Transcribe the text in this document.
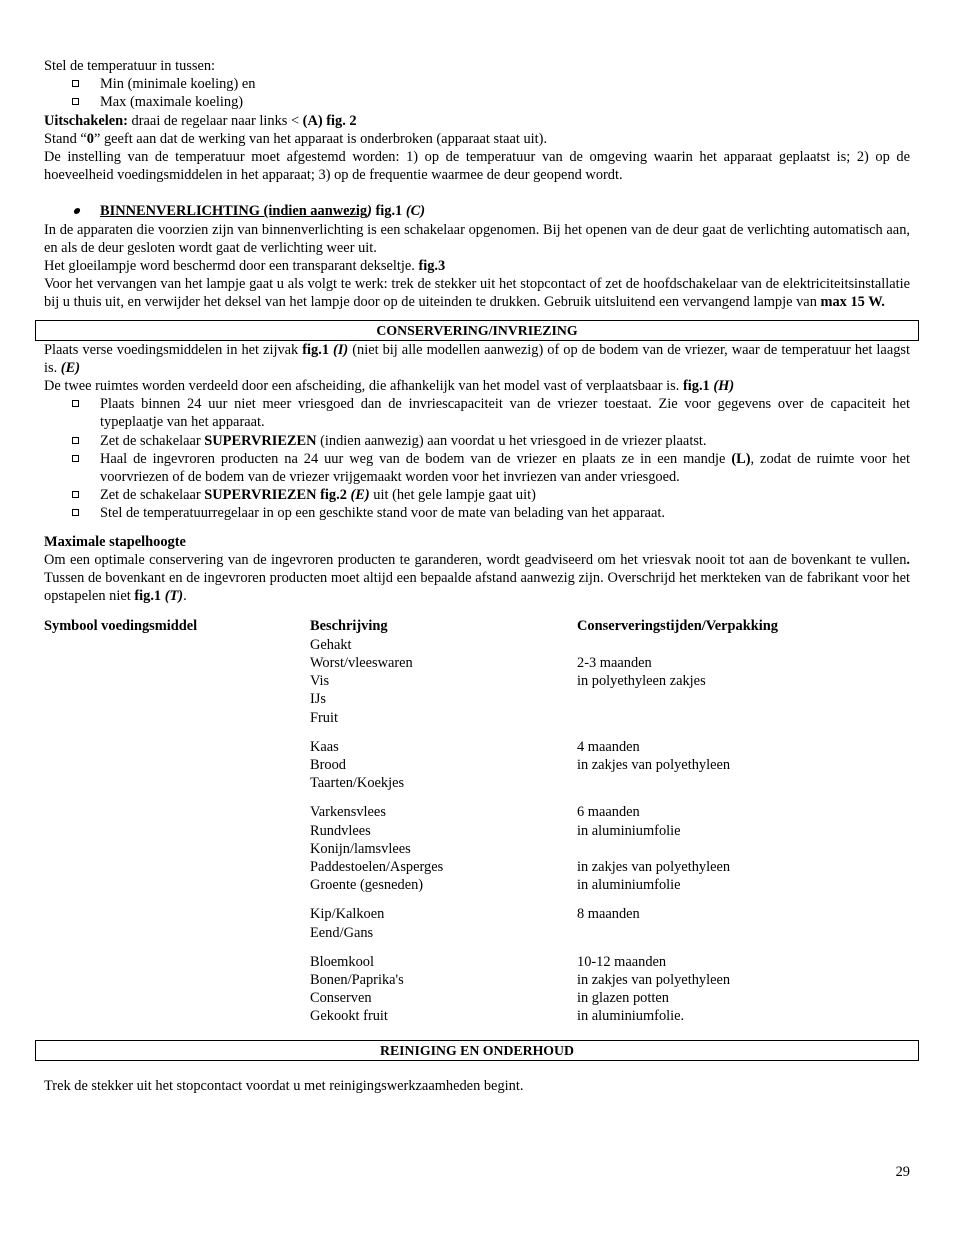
Stel de temperatuur in tussen:

Min (minimale koeling) en
Max (maximale koeling)

Uitschakelen: draai de regelaar naar links < (A) fig. 2

Stand “0” geeft aan dat de werking van het apparaat is onderbroken (apparaat staat uit).

De instelling van de temperatuur moet afgestemd worden: 1) op de temperatuur van de omgeving waarin het apparaat geplaatst is; 2) op de hoeveelheid voedingsmiddelen in het apparaat; 3) op de frequentie waarmee de deur geopend wordt.

BINNENVERLICHTING (indien aanwezig) fig.1 (C)

In de apparaten die voorzien zijn van binnenverlichting is een schakelaar opgenomen. Bij het openen van de deur gaat de verlichting automatisch aan, en als de deur gesloten wordt gaat de verlichting weer uit.

Het gloeilampje word beschermd door een transparant dekseltje. fig.3

Voor het vervangen van het lampje gaat u als volgt te werk: trek de stekker uit het stopcontact of zet de hoofdschakelaar van de elektriciteitsinstallatie bij u thuis uit, en verwijder het deksel van het lampje door op de uiteinden te drukken. Gebruik uitsluitend een vervangend lampje van max 15 W.

CONSERVERING/INVRIEZING

Plaats verse voedingsmiddelen in het zijvak fig.1 (I) (niet bij alle modellen aanwezig) of op de bodem van de vriezer, waar de temperatuur het laagst is. (E)

De twee ruimtes worden verdeeld door een afscheiding, die afhankelijk van het model vast of verplaatsbaar is. fig.1 (H)

Plaats binnen 24 uur niet meer vriesgoed dan de invriescapaciteit van de vriezer toestaat. Zie voor gegevens over de capaciteit het typeplaatje van het apparaat.
Zet de schakelaar SUPERVRIEZEN (indien aanwezig) aan voordat u het vriesgoed in de vriezer plaatst.
Haal de ingevroren producten na 24 uur weg van de bodem van de vriezer en plaats ze in een mandje (L), zodat de ruimte voor het voorvriezen of de bodem van de vriezer vrijgemaakt worden voor het invriezen van ander vriesgoed.
Zet de schakelaar SUPERVRIEZEN fig.2 (E) uit (het gele lampje gaat uit)
Stel de temperatuurregelaar in op een geschikte stand voor de mate van belading van het apparaat.

Maximale stapelhoogte

Om een optimale conservering van de ingevroren producten te garanderen, wordt geadviseerd om het vriesvak nooit tot aan de bovenkant te vullen. Tussen de bovenkant en de ingevroren producten moet altijd een bepaalde afstand aanwezig zijn. Overschrijd het merkteken van de fabrikant voor het opstapelen niet fig.1 (T).

Symbool voedingsmiddel	Beschrijving	Conserveringstijden/Verpakking
	Gehakt	
	Worst/vleeswaren	2-3 maanden
	Vis	in polyethyleen zakjes
	IJs	
	Fruit	
	Kaas	4 maanden
	Brood	in zakjes van polyethyleen
	Taarten/Koekjes	
	Varkensvlees	6 maanden
	Rundvlees	in aluminiumfolie
	Konijn/lamsvlees	
	Paddestoelen/Asperges	in zakjes van polyethyleen
	Groente (gesneden)	in aluminiumfolie
	Kip/Kalkoen	8 maanden
	Eend/Gans	
	Bloemkool	10-12 maanden
	Bonen/Paprika's	in zakjes van polyethyleen
	Conserven	in glazen potten
	Gekookt fruit	in aluminiumfolie.
REINIGING EN ONDERHOUD

Trek de stekker uit het stopcontact voordat u met reinigingswerkzaamheden begint.

29
